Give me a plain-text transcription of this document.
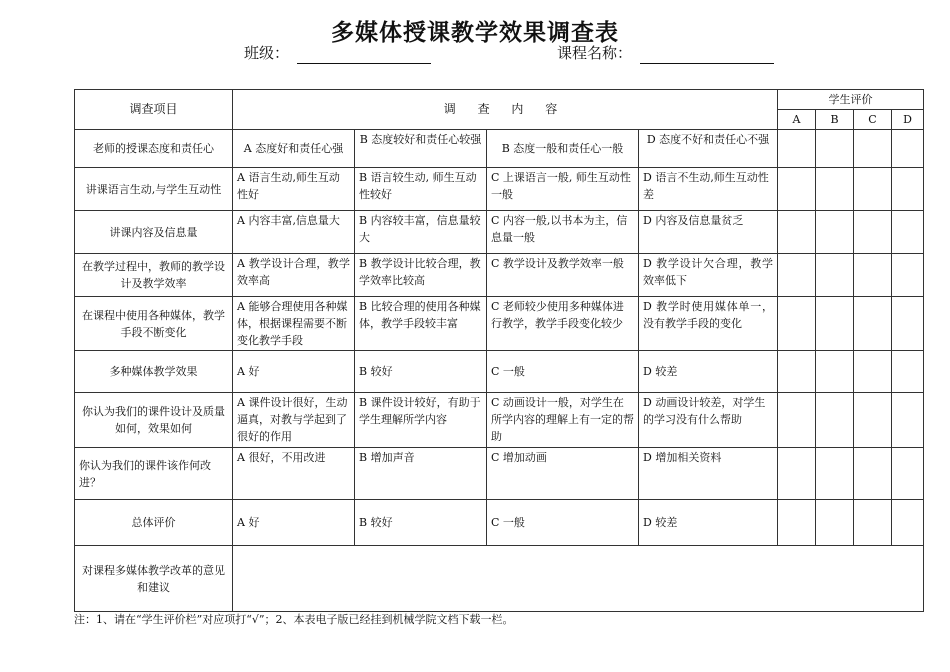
多媒体授课教学效果调查表
班级：	课程名称：
调查项目	调 查 内 容				学生评价			
					A	B	C	D
老师的授课态度和责任心	A 态度好和责任心强	B 态度较好和责任心较强	B 态度一般和责任心一般	D 态度不好和责任心不强				
讲课语言生动,与学生互动性	A 语言生动,师生互动性好	B 语言较生动, 师生互动性较好	C 上课语言一般, 师生互动性一般	D 语言不生动,师生互动性差				
讲课内容及信息量	A 内容丰富,信息量大	B 内容较丰富，信息量较大	C 内容一般,以书本为主，信息量一般	D 内容及信息量贫乏				
在教学过程中，教师的教学设计及教学效率	A 教学设计合理，教学效率高	B 教学设计比较合理，教学效率比较高	C 教学设计及教学效率一般	D 教学设计欠合理，教学效率低下				
在课程中使用各种媒体，教学手段不断变化	A 能够合理使用各种媒体，根据课程需要不断变化教学手段	B 比较合理的使用各种媒体，教学手段较丰富	C 老师较少使用多种媒体进行教学，教学手段变化较少	D 教学时使用媒体单一，没有教学手段的变化				
多种媒体教学效果	A 好	B 较好	C 一般	D 较差				
你认为我们的课件设计及质量如何，效果如何	A 课件设计很好，生动逼真，对教与学起到了很好的作用	B 课件设计较好，有助于学生理解所学内容	C 动画设计一般，对学生在所学内容的理解上有一定的帮助	D 动画设计较差，对学生的学习没有什么帮助				
你认为我们的课件该作何改进？	A 很好，不用改进	B 增加声音	C 增加动画	D 增加相关资料				
总体评价	A 好	B 较好	C 一般	D 较差				
对课程多媒体教学改革的意见和建议								
注：1、请在“学生评价栏”对应项打“√”；2、本表电子版已经挂到机械学院文档下载一栏。
